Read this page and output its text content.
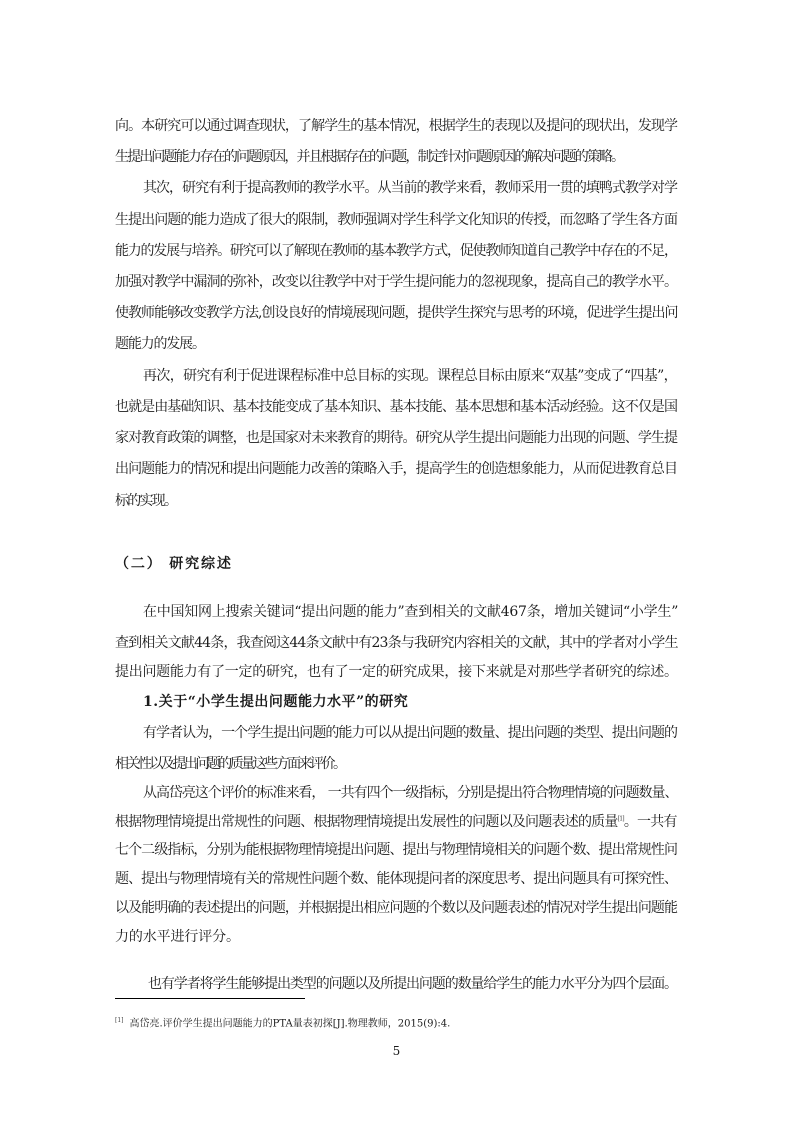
向。本研究可以通过调查现状，了解学生的基本情况，根据学生的表现以及提问的现状出，发现学
生提出问题能力存在的问题原因，并且根据存在的问题，制定针对问题原因的解决问题的策略。
其次，研究有利于提高教师的教学水平。从当前的教学来看，教师采用一贯的填鸭式教学对学
生提出问题的能力造成了很大的限制，教师强调对学生科学文化知识的传授，而忽略了学生各方面
能力的发展与培养。研究可以了解现在教师的基本教学方式，促使教师知道自己教学中存在的不足，
加强对教学中漏洞的弥补，改变以往教学中对于学生提问能力的忽视现象，提高自己的教学水平。
使教师能够改变教学方法,创设良好的情境展现问题，提供学生探究与思考的环境，促进学生提出问
题能力的发展。
再次，研究有利于促进课程标准中总目标的实现。课程总目标由原来“双基”变成了“四基”，
也就是由基础知识、基本技能变成了基本知识、基本技能、基本思想和基本活动经验。这不仅是国
家对教育政策的调整，也是国家对未来教育的期待。研究从学生提出问题能力出现的问题、学生提
出问题能力的情况和提出问题能力改善的策略入手，提高学生的创造想象能力，从而促进教育总目
标的实现。
（二） 研究综述
在中国知网上搜索关键词“提出问题的能力”查到相关的文献467条，增加关键词“小学生”
查到相关文献44条，我查阅这44条文献中有23条与我研究内容相关的文献，其中的学者对小学生
提出问题能力有了一定的研究，也有了一定的研究成果，接下来就是对那些学者研究的综述。
1.关于“小学生提出问题能力水平”的研究
有学者认为，一个学生提出问题的能力可以从提出问题的数量、提出问题的类型、提出问题的
相关性以及提出问题的质量这些方面来评价。
从高岱亮这个评价的标准来看， 一共有四个一级指标，分别是提出符合物理情境的问题数量、
根据物理情境提出常规性的问题、根据物理情境提出发展性的问题以及问题表述的质量[1]。一共有
七个二级指标，分别为能根据物理情境提出问题、提出与物理情境相关的问题个数、提出常规性问
题、提出与物理情境有关的常规性问题个数、能体现提问者的深度思考、提出问题具有可探究性、
以及能明确的表述提出的问题，并根据提出相应问题的个数以及问题表述的情况对学生提出问题能
力的水平进行评分。
也有学者将学生能够提出类型的问题以及所提出问题的数量给学生的能力水平分为四个层面。
[1] 高岱亮.评价学生提出问题能力的PTA量表初探[J].物理教师，2015(9):4.
5
